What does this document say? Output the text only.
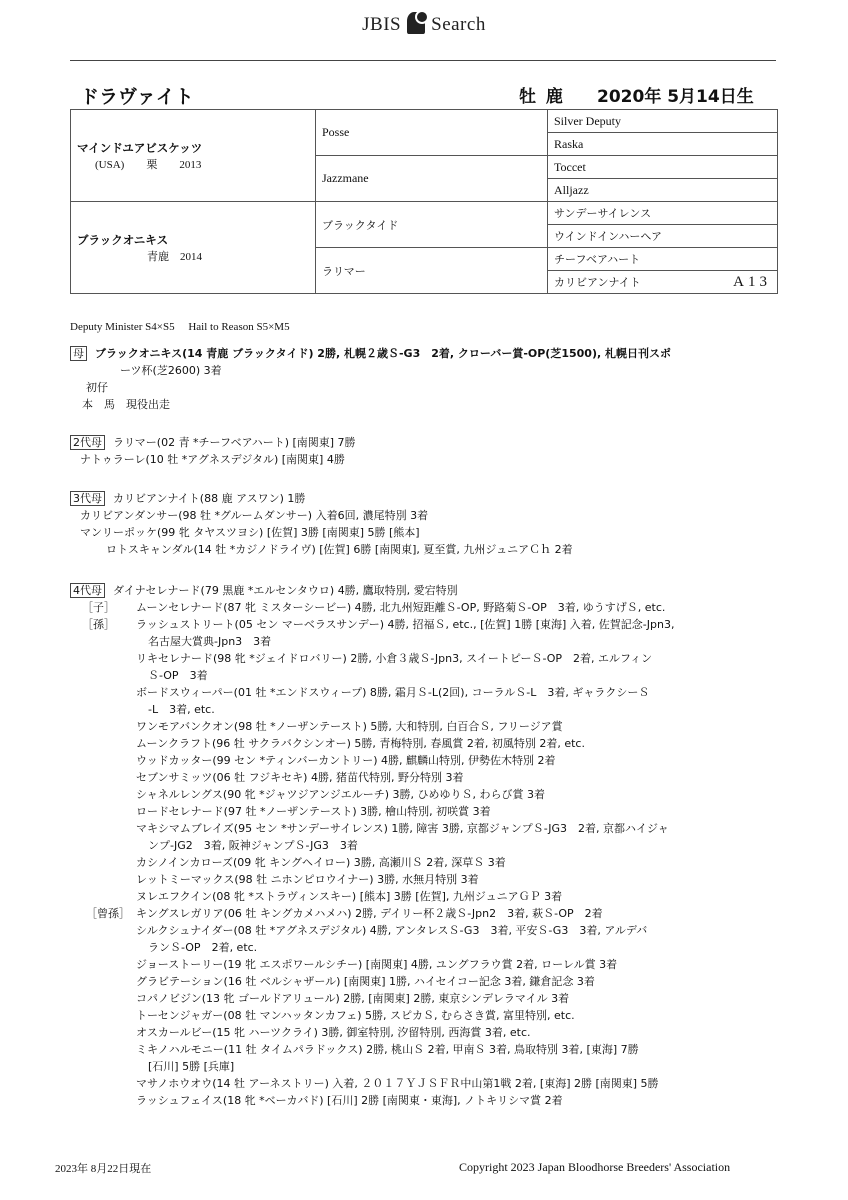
JBIS Search
ドラヴァイト	牡 鹿 2020年 5月14日生
マインドユアビスケッツ
(USA)　　栗　　2013	Posse	Silver Deputy
		Raska
	Jazzmane	Toccet
		Alljazz

ブラックオニキス
青鹿　2014	ブラックタイド	サンデーサイレンス
		ウインドインハーヘア
	ラリマー	チーフベアハート
		カリビアンナイト A13
Deputy Minister S4×S5　 Hail to Reason S5×M5
母 ブラックオニキス(14 青鹿 ブラックタイド) 2勝, 札幌２歳Ｓ-G3　2着, クローバー賞-OP(芝1500), 札幌日刊スポ
ーツ杯(芝2600) 3着
初仔
本　馬　現役出走
2代母 ラリマー(02 青 *チーフベアハート) [南関東] 7勝
ナトゥラーレ(10 牡 *アグネスデジタル) [南関東] 4勝
3代母 カリビアンナイト(88 鹿 アスワン) 1勝
カリビアンダンサー(98 牡 *グルームダンサー) 入着6回, 濃尾特別 3着
マンリーポッケ(99 牝 タヤスツヨシ) [佐賀] 3勝 [南関東] 5勝 [熊本]
ロトスキャンダル(14 牡 *カジノドライヴ) [佐賀] 6勝 [南関東], 夏至賞, 九州ジュニアＣｈ 2着
4代母 ダイナセレナード(79 黒鹿 *エルセンタウロ) 4勝, 鷹取特別, 愛宕特別
［子］ ムーンセレナード(87 牝 ミスターシービー) 4勝, 北九州短距離Ｓ-OP, 野路菊Ｓ-OP　3着, ゆうすげＳ, etc.
［孫］ ラッシュストリート(05 セン マーベラスサンデー) 4勝, 招福Ｓ, etc., [佐賀] 1勝 [東海] 入着, 佐賀記念-Jpn3,
名古屋大賞典-Jpn3　3着
リキセレナード(98 牝 *ジェイドロバリー) 2勝, 小倉３歳Ｓ-Jpn3, スイートピーＳ-OP　2着, エルフィン
Ｓ-OP　3着
ボードスウィーパー(01 牡 *エンドスウィープ) 8勝, 霜月Ｓ-L(2回), コーラルＳ-L　3着, ギャラクシーＳ
-L　3着, etc.
ワンモアバンクオン(98 牡 *ノーザンテースト) 5勝, 大和特別, 白百合Ｓ, フリージア賞
ムーンクラフト(96 牡 サクラバクシンオー) 5勝, 青梅特別, 春風賞 2着, 初風特別 2着, etc.
ウッドカッター(99 セン *ティンバーカントリー) 4勝, 麒麟山特別, 伊勢佐木特別 2着
セブンサミッツ(06 牡 フジキセキ) 4勝, 猪苗代特別, 野分特別 3着
シャネルレングス(90 牝 *ジャツジアンジエルーチ) 3勝, ひめゆりＳ, わらび賞 3着
ロードセレナード(97 牡 *ノーザンテースト) 3勝, 檜山特別, 初咲賞 3着
マキシマムブレイズ(95 セン *サンデーサイレンス) 1勝, 障害 3勝, 京都ジャンプＳ-JG3　2着, 京都ハイジャ
ンプ-JG2　3着, 阪神ジャンプＳ-JG3　3着
カシノインカローズ(09 牝 キングヘイロー) 3勝, 高瀬川Ｓ 2着, 深草Ｓ 3着
レットミーマックス(98 牡 ニホンピロウイナー) 3勝, 水無月特別 3着
ヌレエフクイン(08 牝 *ストラヴィンスキー) [熊本] 3勝 [佐賀], 九州ジュニアＧＰ 3着
［曾孫］ キングスレガリア(06 牡 キングカメハメハ) 2勝, デイリー杯２歳Ｓ-Jpn2　3着, 萩Ｓ-OP　2着
シルクシュナイダー(08 牡 *アグネスデジタル) 4勝, アンタレスＳ-G3　3着, 平安Ｓ-G3　3着, アルデバ
ランＳ-OP　2着, etc.
ジョーストーリー(19 牝 エスポワールシチー) [南関東] 4勝, ユングフラウ賞 2着, ローレル賞 3着
グラビテーション(16 牡 ベルシャザール) [南関東] 1勝, ハイセイコー記念 3着, 鎌倉記念 3着
コパノビジン(13 牝 ゴールドアリュール) 2勝, [南関東] 2勝, 東京シンデレラマイル 3着
トーセンジャガー(08 牡 マンハッタンカフェ) 5勝, スピカＳ, むらさき賞, 富里特別, etc.
オスカールビー(15 牝 ハーツクライ) 3勝, 御室特別, 汐留特別, 西海賞 3着, etc.
ミキノハルモニー(11 牡 タイムパラドックス) 2勝, 桃山Ｓ 2着, 甲南Ｓ 3着, 鳥取特別 3着, [東海] 7勝
[石川] 5勝 [兵庫]
マサノホウオウ(14 牡 アーネストリー) 入着, ２０１７ＹＪＳＦＲ中山第1戦 2着, [東海] 2勝 [南関東] 5勝
ラッシュフェイス(18 牝 *ベーカバド) [石川] 2勝 [南関東・東海], ノトキリシマ賞 2着
2023年 8月22日現在	Copyright 2023 Japan Bloodhorse Breeders' Association
